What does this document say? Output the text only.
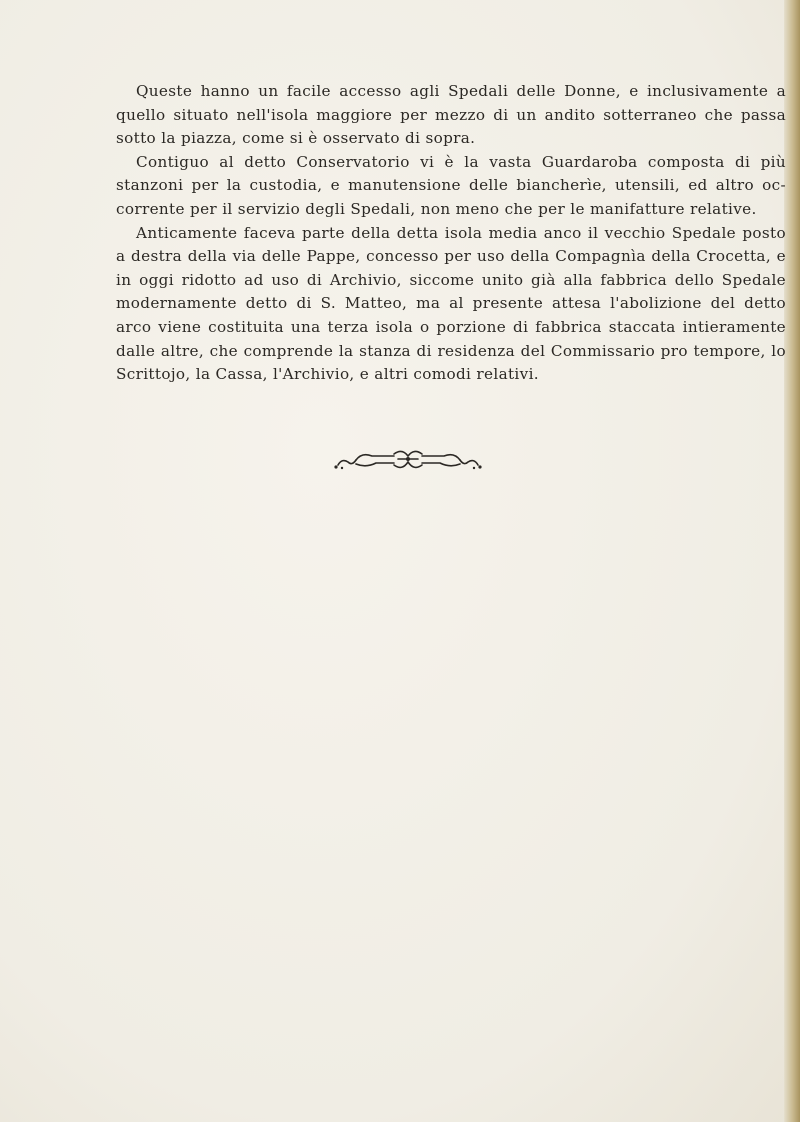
Queste hanno un facile accesso agli Spedali delle Donne, e inclusivamente a
quello situato nell'isola maggiore per mezzo di un andito sotterraneo che passa
sotto la piazza, come si è osservato di sopra.

Contiguo al detto Conservatorio vi è la vasta Guardaroba composta di più
stanzoni per la custodia, e manutensione delle biancherìe, utensili, ed altro oc-
corrente per il servizio degli Spedali, non meno che per le manifatture relative.

Anticamente faceva parte della detta isola media anco il vecchio Spedale posto
a destra della via delle Pappe, concesso per uso della Compagnìa della Crocetta, e
in oggi ridotto ad uso di Archivio, siccome unito già alla fabbrica dello Spedale
modernamente detto di S. Matteo, ma al presente attesa l'abolizione del detto
arco viene costituita una terza isola o porzione di fabbrica staccata intieramente
dalle altre, che comprende la stanza di residenza del Commissario pro tempore, lo
Scrittojo, la Cassa, l'Archivio, e altri comodi relativi.
